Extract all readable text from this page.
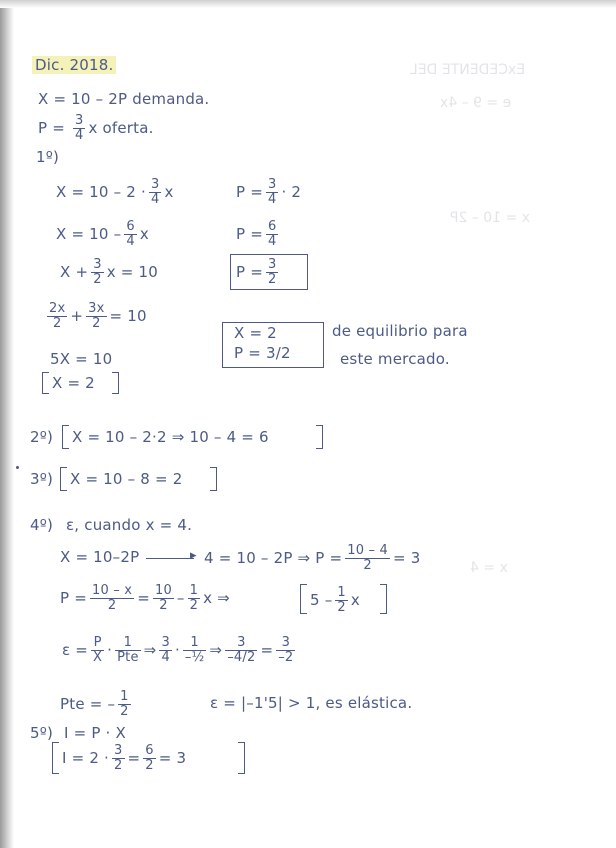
ExCEDENTE DEL
e = 9 – 4x
x = 10 – 2P
x = 4
Dic. 2018.
X = 10 – 2P demanda.
$P = \frac{3}{4}$ x oferta.
1º)
$X = 10 - 2 \cdot \frac{3}{4}$ x	$P = \frac{3}{4} \cdot 2$
$X = 10 - \frac{6}{4}$ x	$P = \frac{6}{4}$
$X + \frac{3}{2}$ x = 10	$P = \frac{3}{2}$
$\frac{2x}{2} + \frac{3x}{2} = 10$
X = 2
P = 3/2
de equilibrio para
este mercado.
5X = 10
X = 2
2º) X = 10 – 2·2 ⇒ 10 – 4 = 6
3º) X = 10 – 8 = 2
4º) ε, cuando x = 4.
X = 10–2P	▸ 4 = 10 – 2P ⇒ $P = \frac{10 - 4}{2} = 3$
$P = \frac{10 - x}{2} = \frac{10}{2} - \frac{1}{2}$ x ⇒	$5 - \frac{1}{2}$ x
$\varepsilon = \frac{P}{X} \cdot \frac{1}{\text{Pte}}$ ⇒ $\frac{3}{4} \cdot \frac{1}{\text{–½}}$ ⇒ $\frac{3}{-4/2} = \frac{3}{-2}$
Pte = – $\frac{1}{2}$	ε = |–1'5| > 1, es elástica.
5º) I = P · X
$I = 2 \cdot \frac{3}{2} = \frac{6}{2} = 3$
